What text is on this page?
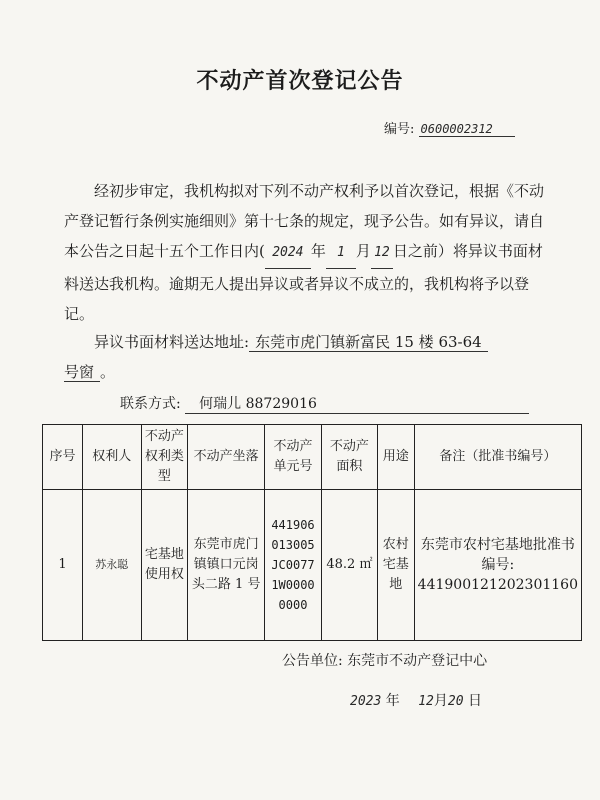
不动产首次登记公告
编号: 0600002312
经初步审定，我机构拟对下列不动产权利予以首次登记，根据《不动产登记暂行条例实施细则》第十七条的规定，现予公告。如有异议，请自本公告之日起十五个工作日内( 2024 年 1 月 12 日之前）将异议书面材料送达我机构。逾期无人提出异议或者异议不成立的，我机构将予以登记。
异议书面材料送达地址: 东莞市虎门镇新富民 15 楼 63-64
号窗 。
联系方式: 何瑞儿 88729016
序号	权利人	不动产权利类型	不动产坐落	不动产单元号	不动产面积	用途	备注（批准书编号）
1	苏永聪	宅基地使用权	东莞市虎门镇镇口元岗头二路 1 号	441906013005JC00771W00000000	48.2 ㎡	农村宅基地	东莞市农村宅基地批准书编号: 441900121202301160
公告单位: 东莞市不动产登记中心
2023 年 12月20 日
